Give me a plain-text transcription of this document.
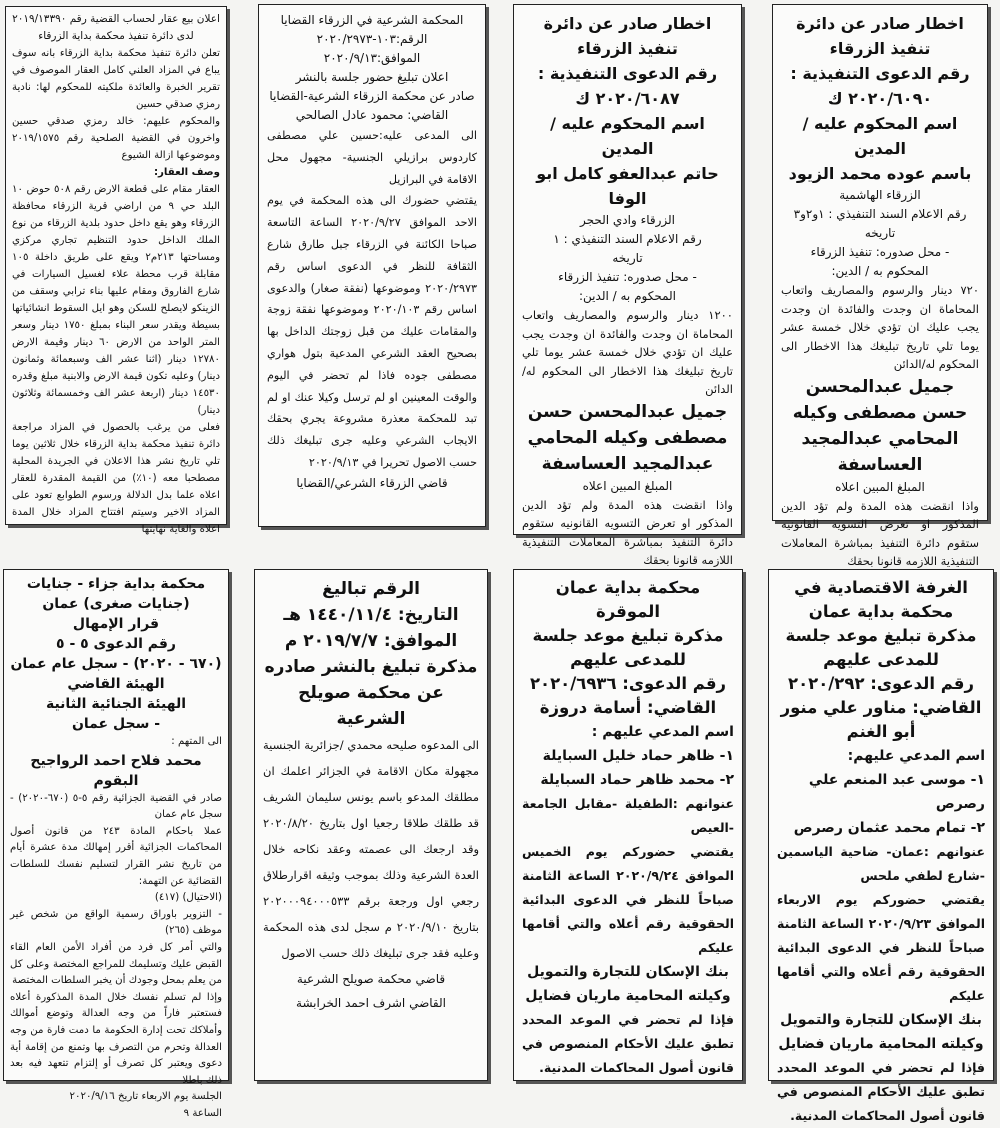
اخطار صادر عن دائرة

تنفيذ الزرقاء

رقم الدعوى التنفيذية :

٢٠٢٠/٦٠٩٠ ك

اسم المحكوم عليه / المدين

باسم عوده محمد الزيود

الزرقاء الهاشمية

رقم الاعلام السند التنفيذي : ١و٢و٣

تاريخه

- محل صدوره: تنفيذ الزرقاء

المحكوم به / الدين:

٧٢٠ دينار والرسوم والمصاريف واتعاب المحاماة ان وجدت والفائدة ان وجدت يجب عليك ان تؤدي خلال خمسة عشر يوما تلي تاريخ تبليغك هذا الاخطار الى المحكوم له/الدائن

جميل عبدالمحسن حسن مصطفى وكيله المحامي عبدالمجيد العساسفة

المبلغ المبين اعلاه

واذا انقضت هذه المدة ولم تؤد الدين المذكور او تعرض التسويه القانونيه ستقوم دائرة التنفيذ بمباشرة المعاملات التنفيذية اللازمه قانونا بحقك

اخطار صادر عن دائرة

تنفيذ الزرقاء

رقم الدعوى التنفيذية :

٢٠٢٠/٦٠٨٧ ك

اسم المحكوم عليه / المدين

حاتم عبدالعفو كامل ابو الوفا

الزرقاء وادي الحجر

رقم الاعلام السند التنفيذي : ١

تاريخه

- محل صدوره: تنفيذ الزرقاء

المحكوم به / الدين:

١٢٠٠ دينار والرسوم والمصاريف واتعاب المحاماة ان وجدت والفائدة ان وجدت يجب عليك ان تؤدي خلال خمسة عشر يوما تلي تاريخ تبليغك هذا الاخطار الى المحكوم له/الدائن

جميل عبدالمحسن حسن مصطفى وكيله المحامي عبدالمجيد العساسفة

المبلغ المبين اعلاه

واذا انقضت هذه المدة ولم تؤد الدين المذكور او تعرض التسويه القانونيه ستقوم دائرة التنفيذ بمباشرة المعاملات التنفيذية اللازمه قانونا بحقك

المحكمة الشرعية في الزرقاء القضايا

الرقم:١٠٣-٢٠٢٠/٢٩٧٣

الموافق:٢٠٢٠/٩/١٣

اعلان تبليغ حضور جلسة بالنشر

صادر عن محكمة الزرقاء الشرعية-القضايا

القاضي: محمود عادل الصالحي

الى المدعى عليه:حسين علي مصطفى كاردوس برازيلي الجنسية- مجهول محل الاقامة في البرازيل

يقتضي حضورك الى هذه المحكمة في يوم الاحد الموافق ٢٠٢٠/٩/٢٧ الساعة التاسعة صباحا الكائنة في الزرقاء جبل طارق شارع الثقافة للنظر في الدعوى اساس رقم ٢٠٢٠/٢٩٧٣ وموضوعها (نفقة صغار) والدعوى اساس رقم ٢٠٢٠/١٠٣ وموضوعها نفقة زوجة والمقامات عليك من قبل زوجتك الداخل بها بصحيح العقد الشرعي المدعية بتول هواري مصطفى جوده فاذا لم تحضر في اليوم والوقت المعينين او لم ترسل وكيلا عنك او لم تبد للمحكمة معذرة مشروعة يجري بحقك الايجاب الشرعي وعليه جرى تبليغك ذلك حسب الاصول تحريرا في ٢٠٢٠/٩/١٣

قاضي الزرقاء الشرعي/القضايا

اعلان بيع عقار لحساب القضية رقم ٢٠١٩/١٣٣٩٠

لدى دائرة تنفيذ محكمة بداية الزرقاء

تعلن دائرة تنفيذ محكمة بداية الزرقاء بانه سوف يباع في المزاد العلني كامل العقار الموصوف في تقرير الخبرة والعائدة ملكيته للمحكوم لها: نادية رمزي صدقي حسين

والمحكوم عليهم: خالد رمزي صدقي حسين واخرون في القضية الصلحية رقم ٢٠١٩/١٥٧٥ وموضوعها ازالة الشيوع

وصف العقار:

العقار مقام على قطعة الارض رقم ٥٠٨ حوض ١٠ البلد حي ٩ من اراضي قرية الزرقاء محافظة الزرقاء وهو يقع داخل حدود بلدية الزرقاء من نوع الملك الداخل حدود التنظيم تجاري مركزي ومساحتها ٢١٣م٢ ويقع على طريق داخلة ١٠٥ مقابلة قرب محطة علاء لغسيل السيارات في شارع الفاروق ومقام عليها بناء ترابي وسقف من الزينكو لايصلح للسكن وهو ايل السقوط انشائياتها بسيطة ويقدر سعر البناء بمبلغ ١٧٥٠ دينار وسعر المتر الواحد من الارض ٦٠ دينار وقيمة الارض ١٢٧٨٠ دينار (اثنا عشر الف وسبعمائة وثمانون دينار) وعليه تكون قيمة الارض والابنية مبلغ وقدره ١٤٥٣٠ دينار (اربعة عشر الف وخمسمائة وثلاثون دينار)

فعلى من يرغب بالحصول في المزاد مراجعة دائرة تنفيذ محكمة بداية الزرقاء خلال ثلاثين يوما تلي تاريخ نشر هذا الاعلان في الجريدة المحلية مصطحبا معه (١٠٪) من القيمة المقدرة للعقار اعلاه علما بدل الدلالة ورسوم الطوابع تعود على المزاد الاخير وسيتم افتتاح المزاد خلال المدة اعلاه والغاية نهايتها

الغرفة الاقتصادية في محكمة بداية عمان

مذكرة تبليغ موعد جلسة للمدعى عليهم

رقم الدعوى: ٢٠٢٠/٢٩٢

القاضي: مناور علي منور أبو الغنم

اسم المدعي عليهم:

١- موسى عبد المنعم علي رصرص

٢- تمام محمد عثمان رصرص

عنوانهم :عمان- ضاحية الياسمين -شارع لطفي ملحس

يقتضي حضوركم يوم الاربعاء الموافق ٢٠٢٠/٩/٢٣ الساعة الثامنة صباحاً للنظر في الدعوى البدائية الحقوقية رقم أعلاه والتي أقامها عليكم

بنك الإسكان للتجارة والتمويل

وكيلته المحامية ماريان فضايل

فإذا لم تحضر في الموعد المحدد تطبق عليك الأحكام المنصوص في قانون أصول المحاكمات المدنية.

محكمة بداية عمان الموقرة

مذكرة تبليغ موعد جلسة للمدعى عليهم

رقم الدعوى: ٢٠٢٠/٦٩٣٦

القاضي: أسامة دروزة

اسم المدعي عليهم :

١- ظاهر حماد خليل السبايلة

٢- محمد ظاهر حماد السبايلة

عنوانهم :الطفيلة -مقابل الجامعة -العيص

يقتضي حضوركم يوم الخميس الموافق ٢٠٢٠/٩/٢٤ الساعة الثامنة صباحاً للنظر في الدعوى البدائية الحقوقية رقم أعلاه والتي أقامها عليكم

بنك الإسكان للتجارة والتمويل

وكيلته المحامية ماريان فضايل

فإذا لم تحضر في الموعد المحدد تطبق عليك الأحكام المنصوص في قانون أصول المحاكمات المدنية.

الرقم تباليغ

التاريخ: ١٤٤٠/١١/٤ هـ

الموافق: ٢٠١٩/٧/٧ م

مذكرة تبليغ بالنشر صادره

عن محكمة صويلح الشرعية

الى المدعوه صليحه محمدي /جزائرية الجنسية مجهولة مكان الاقامة في الجزائر اعلمك ان مطلقك المدعو باسم يونس سليمان الشريف قد طلقك طلاقا رجعيا اول بتاريخ ٢٠٢٠/٨/٢٠ وقد ارجعك الى عصمته وعقد نكاحه خلال العدة الشرعية وذلك بموجب وثيقه اقرارطلاق رجعي اول ورجعة برقم ٢٠٢٠٠٠٩٤٠٠٠٥٣٣ بتاريخ ٢٠٢٠/٩/١٠ م سجل لدى هذه المحكمة وعليه فقد جرى تبليغك ذلك حسب الاصول

قاضي محكمة صويلح الشرعية

القاضي اشرف احمد الخرابشة

محكمة بداية جزاء - جنايات

(جنايات صغرى) عمان

قرار الإمهال

رقم الدعوى ٥ - ٥

(٦٧٠ - ٢٠٢٠) - سجل عام عمان

الهيئة القاضي

الهيئة الجنائية الثانية

- سجل عمان

الى المتهم :

محمد فلاح احمد الرواجيح البقوم

صادر في القضية الجزائية رقم ٥-٥ (٦٧٠-٢٠٢٠) - سجل عام عمان

عملا باحكام المادة ٢٤٣ من قانون أصول المحاكمات الجزائية أقرر إمهالك مدة عشرة أيام من تاريخ نشر القرار لتسليم نفسك للسلطات القضائية عن التهمة:

(الاحتيال) (٤١٧)

- التزوير باوراق رسمية الواقع من شخص غير موظف (٢٦٥)

والتي أمر كل فرد من أفراد الأمن العام القاء القبض عليك وتسليمك للمراجع المختصة وعلى كل من يعلم بمحل وجودك أن يخبر السلطات المختصة

وإذا لم تسلم نفسك خلال المدة المذكورة أعلاه فستعتبر فاراً من وجه العدالة وتوضع أموالك وأملاكك تحت إدارة الحكومة ما دمت فارة من وجه العدالة وتحرم من التصرف بها وتمنع من إقامة أية دعوى ويعتبر كل تصرف أو إلتزام تتعهد فيه بعد ذلك باطلا

الجلسة يوم الاربعاء تاريخ ٢٠٢٠/٩/١٦

الساعة ٩
